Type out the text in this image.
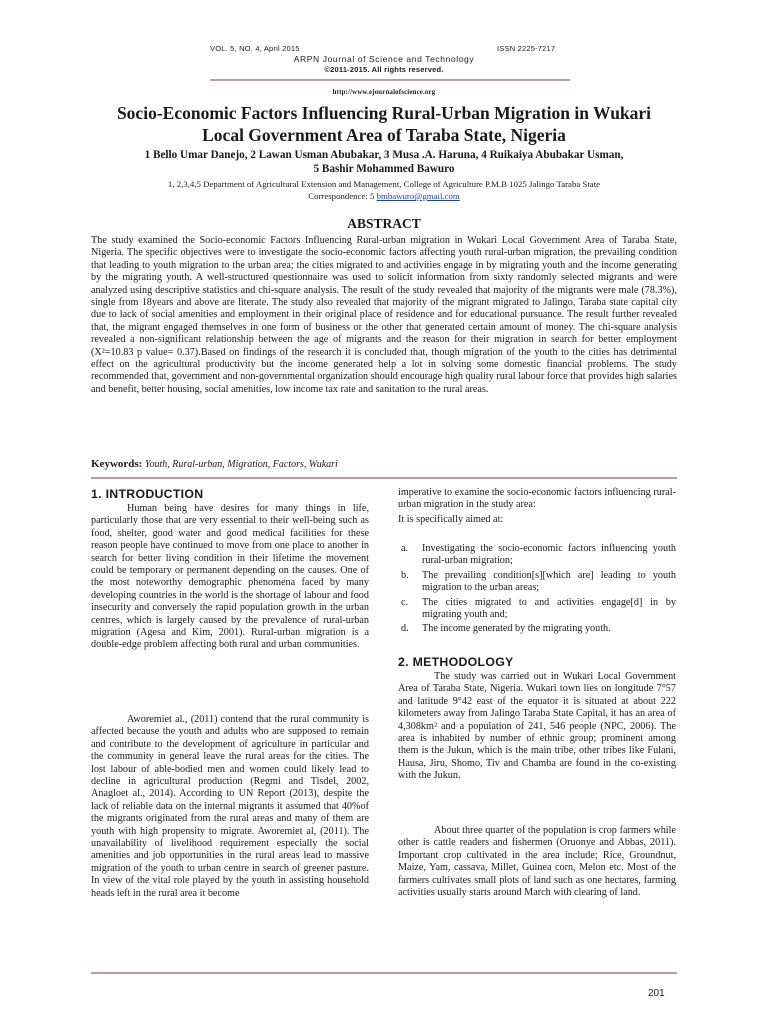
VOL. 5, NO. 4, April 2015	ISSN 2225-7217
ARPN Journal of Science and Technology
©2011-2015. All rights reserved.
http://www.ejournalofscience.org
Socio-Economic Factors Influencing Rural-Urban Migration in Wukari
Local Government Area of Taraba State, Nigeria
1 Bello Umar Danejo, 2 Lawan Usman Abubakar, 3 Musa .A. Haruna, 4 Ruikaiya Abubakar Usman,
5 Bashir Mohammed Bawuro
1, 2,3,4,5 Department of Agricultural Extension and Management, College of Agriculture P.M.B 1025 Jalingo Taraba State
Correspondence: 5 bmbawuro@gmail.com
ABSTRACT
The study examined the Socio-economic Factors Influencing Rural-urban migration in Wukari Local Government Area of Taraba State, Nigeria. The specific objectives were to investigate the socio-economic factors affecting youth rural-urban migration, the prevailing condition that leading to youth migration to the urban area; the cities migrated to and activities engage in by migrating youth and the income generating by the migrating youth. A well-structured questionnaire was used to solicit information from sixty randomly selected migrants and were analyzed using descriptive statistics and chi-square analysis. The result of the study revealed that majority of the migrants were male (78.3%), single from 18years and above are literate. The study also revealed that majority of the migrant migrated to Jalingo, Taraba state capital city due to lack of social amenities and employment in their original place of residence and for educational pursuance. The result further revealed that, the migrant engaged themselves in one form of business or the other that generated certain amount of money. The chi-square analysis revealed a non-significant relationship between the age of migrants and the reason for their migration in search for better employment (X²=10.83 p value= 0.37).Based on findings of the research it is concluded that, though migration of the youth to the cities has detrimental effect on the agricultural productivity but the income generated help a lot in solving some domestic financial problems. The study recommended that, government and non-governmental organization should encourage high quality rural labour force that provides high salaries and benefit, better housing, social amenities, low income tax rate and sanitation to the rural areas.
Keywords: Youth, Rural-urban, Migration, Factors, Wukari
1. INTRODUCTION
Human being have desires for many things in life, particularly those that are very essential to their well-being such as food, shelter, good water and good medical facilities for these reason people have continued to move from one place to another in search for better living condition in their lifetime the movement could be temporary or permanent depending on the causes. One of the most noteworthy demographic phenomena faced by many developing countries in the world is the shortage of labour and food insecurity and conversely the rapid population growth in the urban centres, which is largely caused by the prevalence of rural-urban migration (Agesa and Kim, 2001). Rural-urban migration is a double-edge problem affecting both rural and urban communities.
Aworemiet al., (2011) contend that the rural community is affected because the youth and adults who are supposed to remain and contribute to the development of agriculture in particular and the community in general leave the rural areas for the cities. The lost labour of able-bodied men and women could likely lead to decline in agricultural production (Regmi and Tisdel, 2002, Anagloet al., 2014). According to UN Report (2013), despite the lack of reliable data on the internal migrants it assumed that 40%of the migrants originated from the rural areas and many of them are youth with high propensity to migrate. Aworemiet al, (2011). The unavailability of livelihood requirement especially the social amenities and job opportunities in the rural areas lead to massive migration of the youth to urban centre in search of greener pasture. In view of the vital role played by the youth in assisting household heads left in the rural area it become
imperative to examine the socio-economic factors influencing rural-urban migration in the study area:
It is specifically aimed at:
a. Investigating the socio-economic factors influencing youth rural-urban migration;
b. The prevailing condition[s][which are] leading to youth migration to the urban areas;
c. The cities migrated to and activities engage[d] in by migrating youth and;
d. The income generated by the migrating youth.
2. METHODOLOGY
The study was carried out in Wukari Local Government Area of Taraba State, Nigeria. Wukari town lies on longitude 7°57 and latitude 9°42 east of the equator it is situated at about 222 kilometers away from Jalingo Taraba State Capital, it has an area of 4,308km² and a population of 241, 546 people (NPC, 2006). The area is inhabited by number of ethnic group; prominent among them is the Jukun, which is the main tribe, other tribes like Fulani, Hausa, Jiru, Shomo, Tiv and Chamba are found in the co-existing with the Jukun.
About three quarter of the population is crop farmers while other is cattle readers and fishermen (Oruonye and Abbas, 2011). Important crop cultivated in the area include; Rice, Groundnut, Maize, Yam, cassava, Millet, Guinea corn, Melon etc. Most of the farmers cultivates small plots of land such as one hectares, farming activities usually starts around March with clearing of land.
201
